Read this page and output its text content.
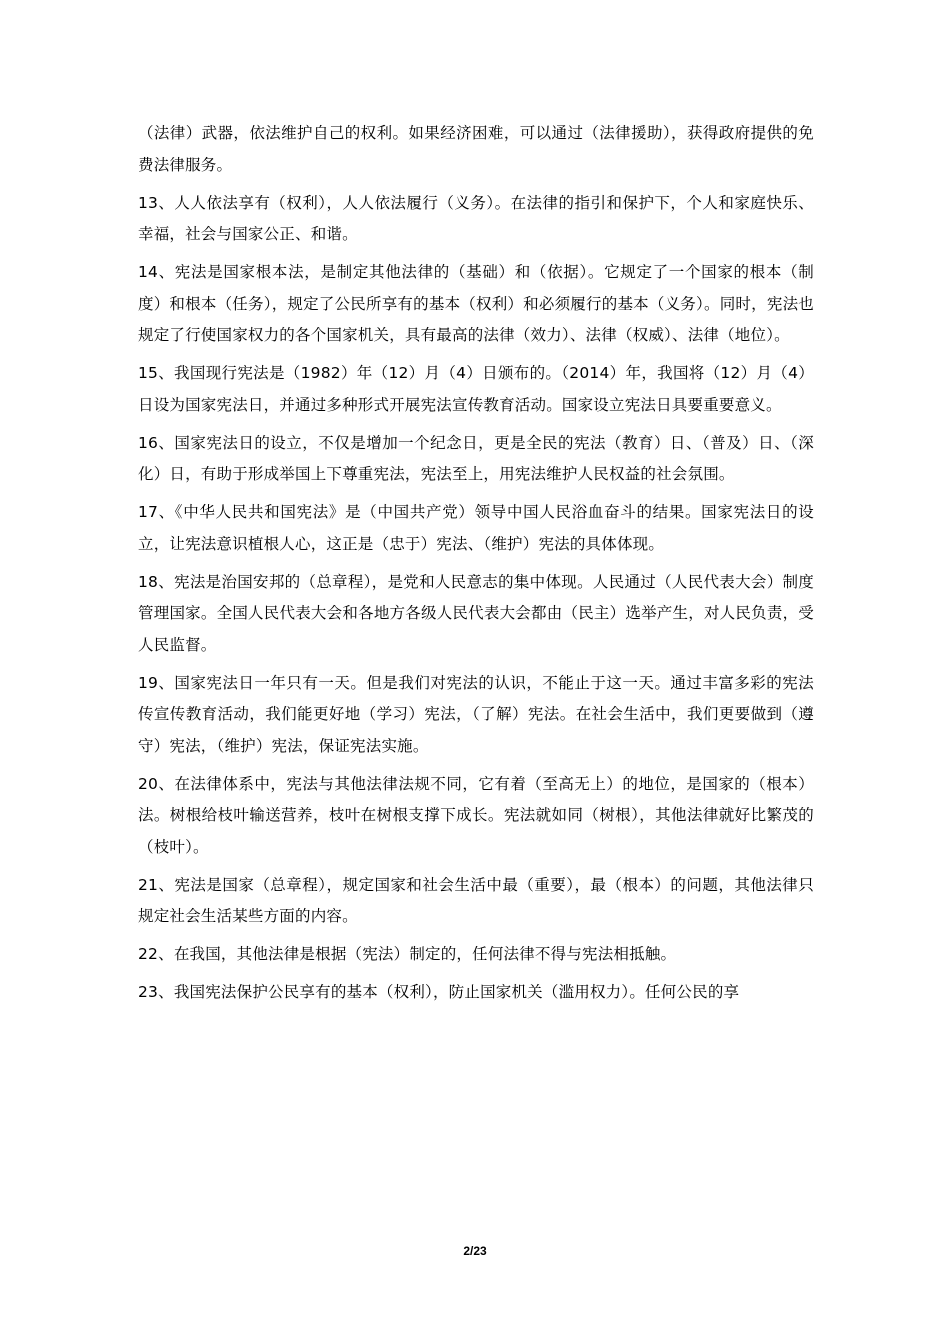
（法律）武器，依法维护自己的权利。如果经济困难，可以通过（法律援助），获得政府提供的免费法律服务。

13、人人依法享有（权利），人人依法履行（义务）。在法律的指引和保护下，个人和家庭快乐、幸福，社会与国家公正、和谐。

14、宪法是国家根本法，是制定其他法律的（基础）和（依据）。它规定了一个国家的根本（制度）和根本（任务），规定了公民所享有的基本（权利）和必须履行的基本（义务）。同时，宪法也规定了行使国家权力的各个国家机关，具有最高的法律（效力）、法律（权威）、法律（地位）。

15、我国现行宪法是（1982）年（12）月（4）日颁布的。（2014）年，我国将（12）月（4）日设为国家宪法日，并通过多种形式开展宪法宣传教育活动。国家设立宪法日具要重要意义。

16、国家宪法日的设立，不仅是增加一个纪念日，更是全民的宪法（教育）日、（普及）日、（深化）日，有助于形成举国上下尊重宪法，宪法至上，用宪法维护人民权益的社会氛围。

17、《中华人民共和国宪法》是（中国共产党）领导中国人民浴血奋斗的结果。国家宪法日的设立，让宪法意识植根人心，这正是（忠于）宪法、（维护）宪法的具体体现。

18、宪法是治国安邦的（总章程），是党和人民意志的集中体现。人民通过（人民代表大会）制度管理国家。全国人民代表大会和各地方各级人民代表大会都由（民主）选举产生，对人民负责，受人民监督。

19、国家宪法日一年只有一天。但是我们对宪法的认识，不能止于这一天。通过丰富多彩的宪法传宣传教育活动，我们能更好地（学习）宪法，（了解）宪法。在社会生活中，我们更要做到（遵守）宪法，（维护）宪法，保证宪法实施。

20、在法律体系中，宪法与其他法律法规不同，它有着（至高无上）的地位，是国家的（根本）法。树根给枝叶输送营养，枝叶在树根支撑下成长。宪法就如同（树根），其他法律就好比繁茂的（枝叶）。

21、宪法是国家（总章程），规定国家和社会生活中最（重要），最（根本）的问题，其他法律只规定社会生活某些方面的内容。

22、在我国，其他法律是根据（宪法）制定的，任何法律不得与宪法相抵触。

23、我国宪法保护公民享有的基本（权利），防止国家机关（滥用权力）。任何公民的享

2/23
